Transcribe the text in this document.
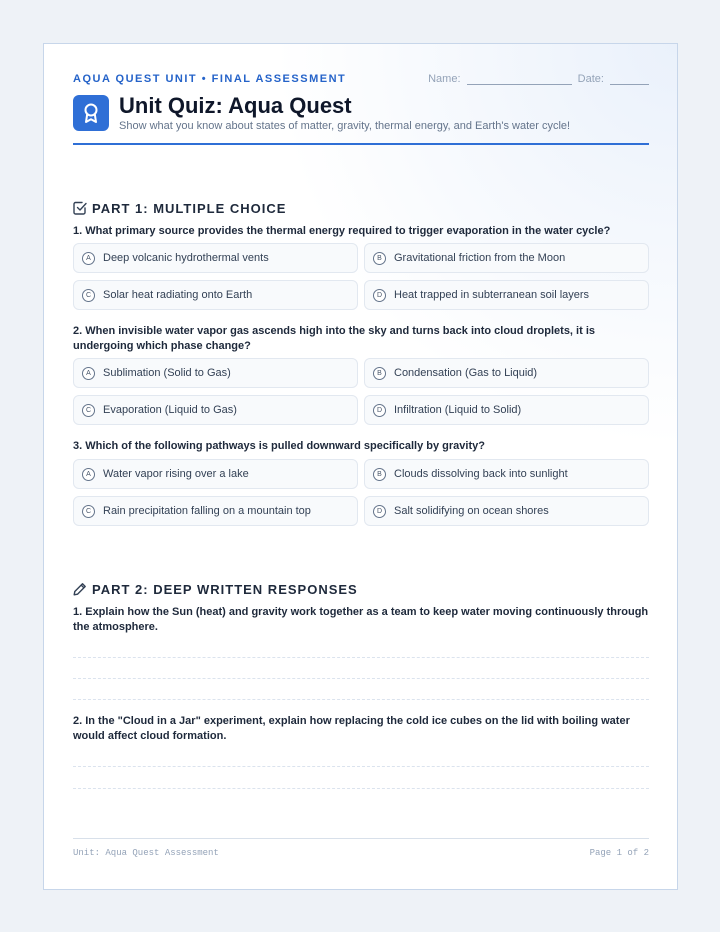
AQUA QUEST UNIT • FINAL ASSESSMENT	Name:	Date:
Unit Quiz: Aqua Quest
Show what you know about states of matter, gravity, thermal energy, and Earth's water cycle!
PART 1: MULTIPLE CHOICE
1. What primary source provides the thermal energy required to trigger evaporation in the water cycle?
A	Deep volcanic hydrothermal vents	B	Gravitational friction from the Moon
C	Solar heat radiating onto Earth	D	Heat trapped in subterranean soil layers
2. When invisible water vapor gas ascends high into the sky and turns back into cloud droplets, it is undergoing which phase change?
A	Sublimation (Solid to Gas)	B	Condensation (Gas to Liquid)
C	Evaporation (Liquid to Gas)	D	Infiltration (Liquid to Solid)
3. Which of the following pathways is pulled downward specifically by gravity?
A	Water vapor rising over a lake	B	Clouds dissolving back into sunlight
C	Rain precipitation falling on a mountain top	D	Salt solidifying on ocean shores
PART 2: DEEP WRITTEN RESPONSES
1. Explain how the Sun (heat) and gravity work together as a team to keep water moving continuously through the atmosphere.
2. In the "Cloud in a Jar" experiment, explain how replacing the cold ice cubes on the lid with boiling water would affect cloud formation.
Unit: Aqua Quest Assessment	Page 1 of 2
